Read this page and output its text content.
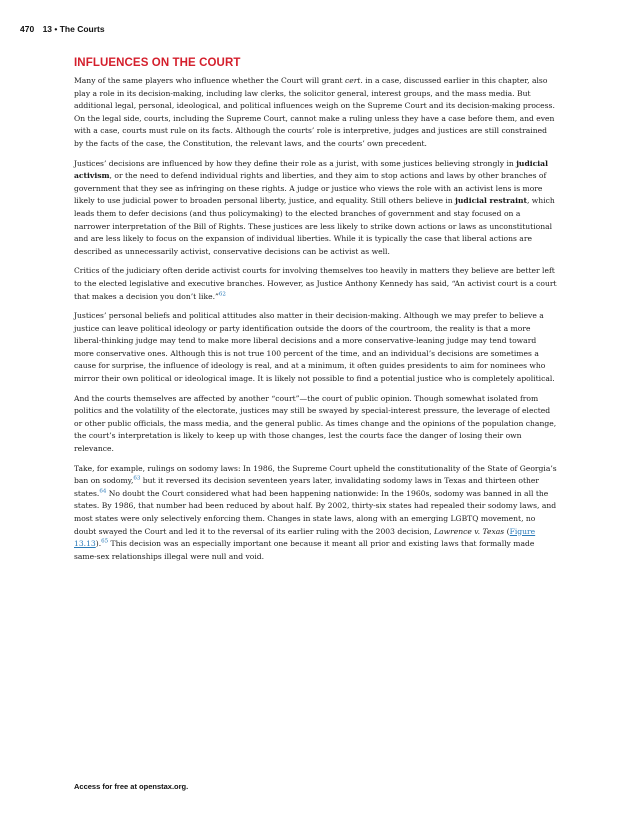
470 13 • The Courts
INFLUENCES ON THE COURT

Many of the same players who influence whether the Court will grant cert. in a case, discussed earlier in this chapter, also play a role in its decision-making, including law clerks, the solicitor general, interest groups, and the mass media. But additional legal, personal, ideological, and political influences weigh on the Supreme Court and its decision-making process. On the legal side, courts, including the Supreme Court, cannot make a ruling unless they have a case before them, and even with a case, courts must rule on its facts. Although the courts’ role is interpretive, judges and justices are still constrained by the facts of the case, the Constitution, the relevant laws, and the courts’ own precedent.

Justices’ decisions are influenced by how they define their role as a jurist, with some justices believing strongly in judicial activism, or the need to defend individual rights and liberties, and they aim to stop actions and laws by other branches of government that they see as infringing on these rights. A judge or justice who views the role with an activist lens is more likely to use judicial power to broaden personal liberty, justice, and equality. Still others believe in judicial restraint, which leads them to defer decisions (and thus policymaking) to the elected branches of government and stay focused on a narrower interpretation of the Bill of Rights. These justices are less likely to strike down actions or laws as unconstitutional and are less likely to focus on the expansion of individual liberties. While it is typically the case that liberal actions are described as unnecessarily activist, conservative decisions can be activist as well.

Critics of the judiciary often deride activist courts for involving themselves too heavily in matters they believe are better left to the elected legislative and executive branches. However, as Justice Anthony Kennedy has said, “An activist court is a court that makes a decision you don’t like.”$^{62}$

Justices’ personal beliefs and political attitudes also matter in their decision-making. Although we may prefer to believe a justice can leave political ideology or party identification outside the doors of the courtroom, the reality is that a more liberal-thinking judge may tend to make more liberal decisions and a more conservative-leaning judge may tend toward more conservative ones. Although this is not true 100 percent of the time, and an individual’s decisions are sometimes a cause for surprise, the influence of ideology is real, and at a minimum, it often guides presidents to aim for nominees who mirror their own political or ideological image. It is likely not possible to find a potential justice who is completely apolitical.

And the courts themselves are affected by another “court”—the court of public opinion. Though somewhat isolated from politics and the volatility of the electorate, justices may still be swayed by special-interest pressure, the leverage of elected or other public officials, the mass media, and the general public. As times change and the opinions of the population change, the court’s interpretation is likely to keep up with those changes, lest the courts face the danger of losing their own relevance.

Take, for example, rulings on sodomy laws: In 1986, the Supreme Court upheld the constitutionality of the State of Georgia’s ban on sodomy,$^{63}$ but it reversed its decision seventeen years later, invalidating sodomy laws in Texas and thirteen other states.$^{64}$ No doubt the Court considered what had been happening nationwide: In the 1960s, sodomy was banned in all the states. By 1986, that number had been reduced by about half. By 2002, thirty-six states had repealed their sodomy laws, and most states were only selectively enforcing them. Changes in state laws, along with an emerging LGBTQ movement, no doubt swayed the Court and led it to the reversal of its earlier ruling with the 2003 decision, Lawrence v. Texas (Figure 13.13).$^{65}$ This decision was an especially important one because it meant all prior and existing laws that formally made same-sex relationships illegal were null and void.

Access for free at openstax.org.
